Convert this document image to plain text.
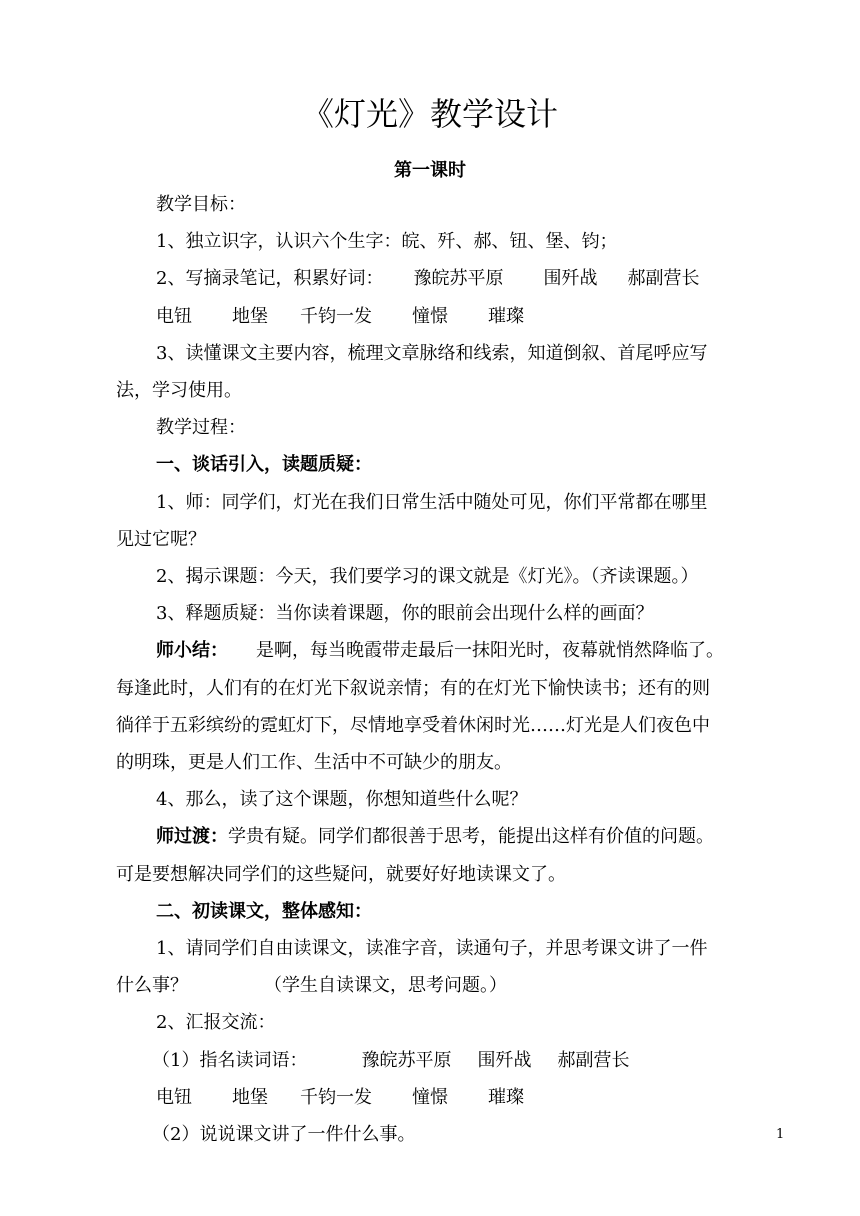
《灯光》教学设计
第一课时

教学目标：

1、独立识字，认识六个生字：皖、歼、郝、钮、堡、钧；

2、写摘录笔记，积累好词： 豫皖苏平原 围歼战 郝副营长

电钮 地堡 千钧一发 憧憬 璀璨

3、读懂课文主要内容，梳理文章脉络和线索，知道倒叙、首尾呼应写

法，学习使用。

教学过程：

一、谈话引入，读题质疑：

1、师：同学们，灯光在我们日常生活中随处可见，你们平常都在哪里

见过它呢？

2、揭示课题：今天，我们要学习的课文就是《灯光》。（齐读课题。）

3、释题质疑：当你读着课题，你的眼前会出现什么样的画面？

师小结： 是啊，每当晚霞带走最后一抹阳光时，夜幕就悄然降临了。

每逢此时，人们有的在灯光下叙说亲情；有的在灯光下愉快读书；还有的则

徜徉于五彩缤纷的霓虹灯下，尽情地享受着休闲时光……灯光是人们夜色中

的明珠，更是人们工作、生活中不可缺少的朋友。

4、那么，读了这个课题，你想知道些什么呢？

师过渡：学贵有疑。同学们都很善于思考，能提出这样有价值的问题。

可是要想解决同学们的这些疑问，就要好好地读课文了。

二、初读课文，整体感知：

1、请同学们自由读课文，读准字音，读通句子，并思考课文讲了一件

什么事？	（学生自读课文，思考问题。）

2、汇报交流：

（1）指名读词语：	豫皖苏平原 围歼战 郝副营长

电钮 地堡 千钧一发 憧憬 璀璨

（2）说说课文讲了一件什么事。	1
